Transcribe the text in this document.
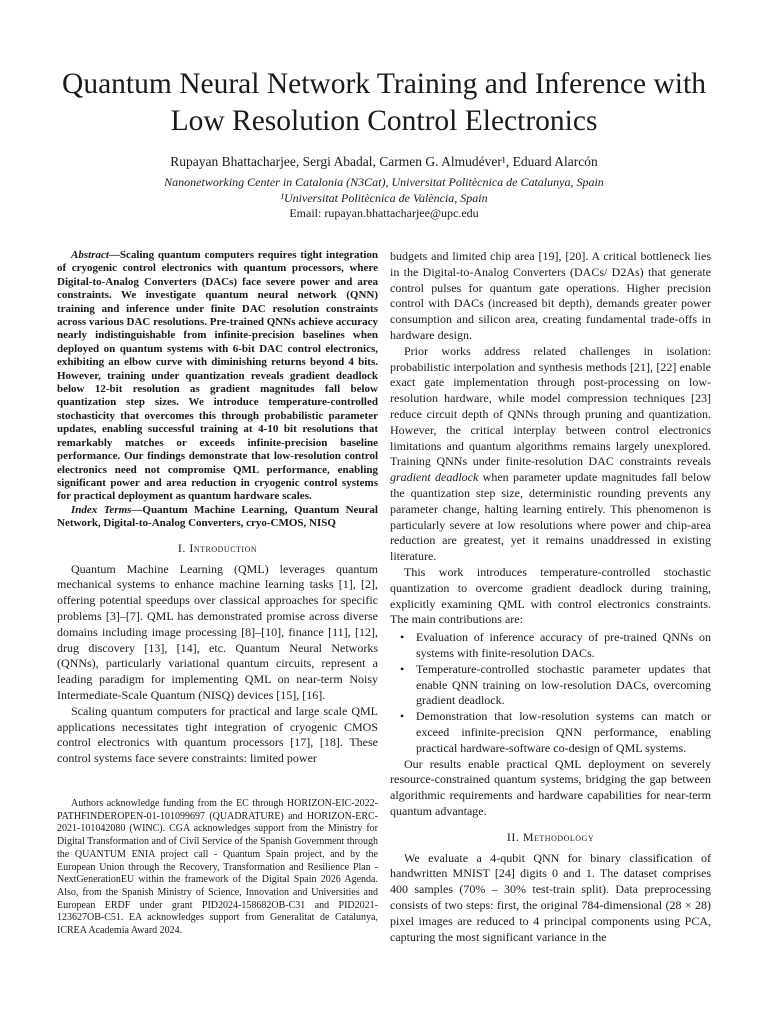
Quantum Neural Network Training and Inference with Low Resolution Control Electronics
Rupayan Bhattacharjee, Sergi Abadal, Carmen G. Almudéver¹, Eduard Alarcón
Nanonetworking Center in Catalonia (N3Cat), Universitat Politècnica de Catalunya, Spain
¹Universitat Politècnica de València, Spain
Email: rupayan.bhattacharjee@upc.edu

Abstract—Scaling quantum computers requires tight integration of cryogenic control electronics with quantum processors, where Digital-to-Analog Converters (DACs) face severe power and area constraints. We investigate quantum neural network (QNN) training and inference under finite DAC resolution constraints across various DAC resolutions. Pre-trained QNNs achieve accuracy nearly indistinguishable from infinite-precision baselines when deployed on quantum systems with 6-bit DAC control electronics, exhibiting an elbow curve with diminishing returns beyond 4 bits. However, training under quantization reveals gradient deadlock below 12-bit resolution as gradient magnitudes fall below quantization step sizes. We introduce temperature-controlled stochasticity that overcomes this through probabilistic parameter updates, enabling successful training at 4-10 bit resolutions that remarkably matches or exceeds infinite-precision baseline performance. Our findings demonstrate that low-resolution control electronics need not compromise QML performance, enabling significant power and area reduction in cryogenic control systems for practical deployment as quantum hardware scales.

Index Terms—Quantum Machine Learning, Quantum Neural Network, Digital-to-Analog Converters, cryo-CMOS, NISQ

I. Introduction

Quantum Machine Learning (QML) leverages quantum mechanical systems to enhance machine learning tasks [1], [2], offering potential speedups over classical approaches for specific problems [3]–[7]. QML has demonstrated promise across diverse domains including image processing [8]–[10], finance [11], [12], drug discovery [13], [14], etc. Quantum Neural Networks (QNNs), particularly variational quantum circuits, represent a leading paradigm for implementing QML on near-term Noisy Intermediate-Scale Quantum (NISQ) devices [15], [16].

Scaling quantum computers for practical and large scale QML applications necessitates tight integration of cryogenic CMOS control electronics with quantum processors [17], [18]. These control systems face severe constraints: limited power

Authors acknowledge funding from the EC through HORIZON-EIC-2022-PATHFINDEROPEN-01-101099697 (QUADRATURE) and HORIZON-ERC-2021-101042080 (WINC). CGA acknowledges support from the Ministry for Digital Transformation and of Civil Service of the Spanish Government through the QUANTUM ENIA project call - Quantum Spain project, and by the European Union through the Recovery, Transformation and Resilience Plan - NextGenerationEU within the framework of the Digital Spain 2026 Agenda. Also, from the Spanish Ministry of Science, Innovation and Universities and European ERDF under grant PID2024-158682OB-C31 and PID2021-123627OB-C51. EA acknowledges support from Generalitat de Catalunya, ICREA Academia Award 2024.

budgets and limited chip area [19], [20]. A critical bottleneck lies in the Digital-to-Analog Converters (DACs/ D2As) that generate control pulses for quantum gate operations. Higher precision control with DACs (increased bit depth), demands greater power consumption and silicon area, creating fundamental trade-offs in hardware design.

Prior works address related challenges in isolation: probabilistic interpolation and synthesis methods [21], [22] enable exact gate implementation through post-processing on low-resolution hardware, while model compression techniques [23] reduce circuit depth of QNNs through pruning and quantization. However, the critical interplay between control electronics limitations and quantum algorithms remains largely unexplored. Training QNNs under finite-resolution DAC constraints reveals gradient deadlock when parameter update magnitudes fall below the quantization step size, deterministic rounding prevents any parameter change, halting learning entirely. This phenomenon is particularly severe at low resolutions where power and chip-area reduction are greatest, yet it remains unaddressed in existing literature.

This work introduces temperature-controlled stochastic quantization to overcome gradient deadlock during training, explicitly examining QML with control electronics constraints. The main contributions are:

• Evaluation of inference accuracy of pre-trained QNNs on systems with finite-resolution DACs.
• Temperature-controlled stochastic parameter updates that enable QNN training on low-resolution DACs, overcoming gradient deadlock.
• Demonstration that low-resolution systems can match or exceed infinite-precision QNN performance, enabling practical hardware-software co-design of QML systems.

Our results enable practical QML deployment on severely resource-constrained quantum systems, bridging the gap between algorithmic requirements and hardware capabilities for near-term quantum advantage.

II. Methodology

We evaluate a 4-qubit QNN for binary classification of handwritten MNIST [24] digits 0 and 1. The dataset comprises 400 samples (70% – 30% test-train split). Data preprocessing consists of two steps: first, the original 784-dimensional (28 × 28) pixel images are reduced to 4 principal components using PCA, capturing the most significant variance in the
